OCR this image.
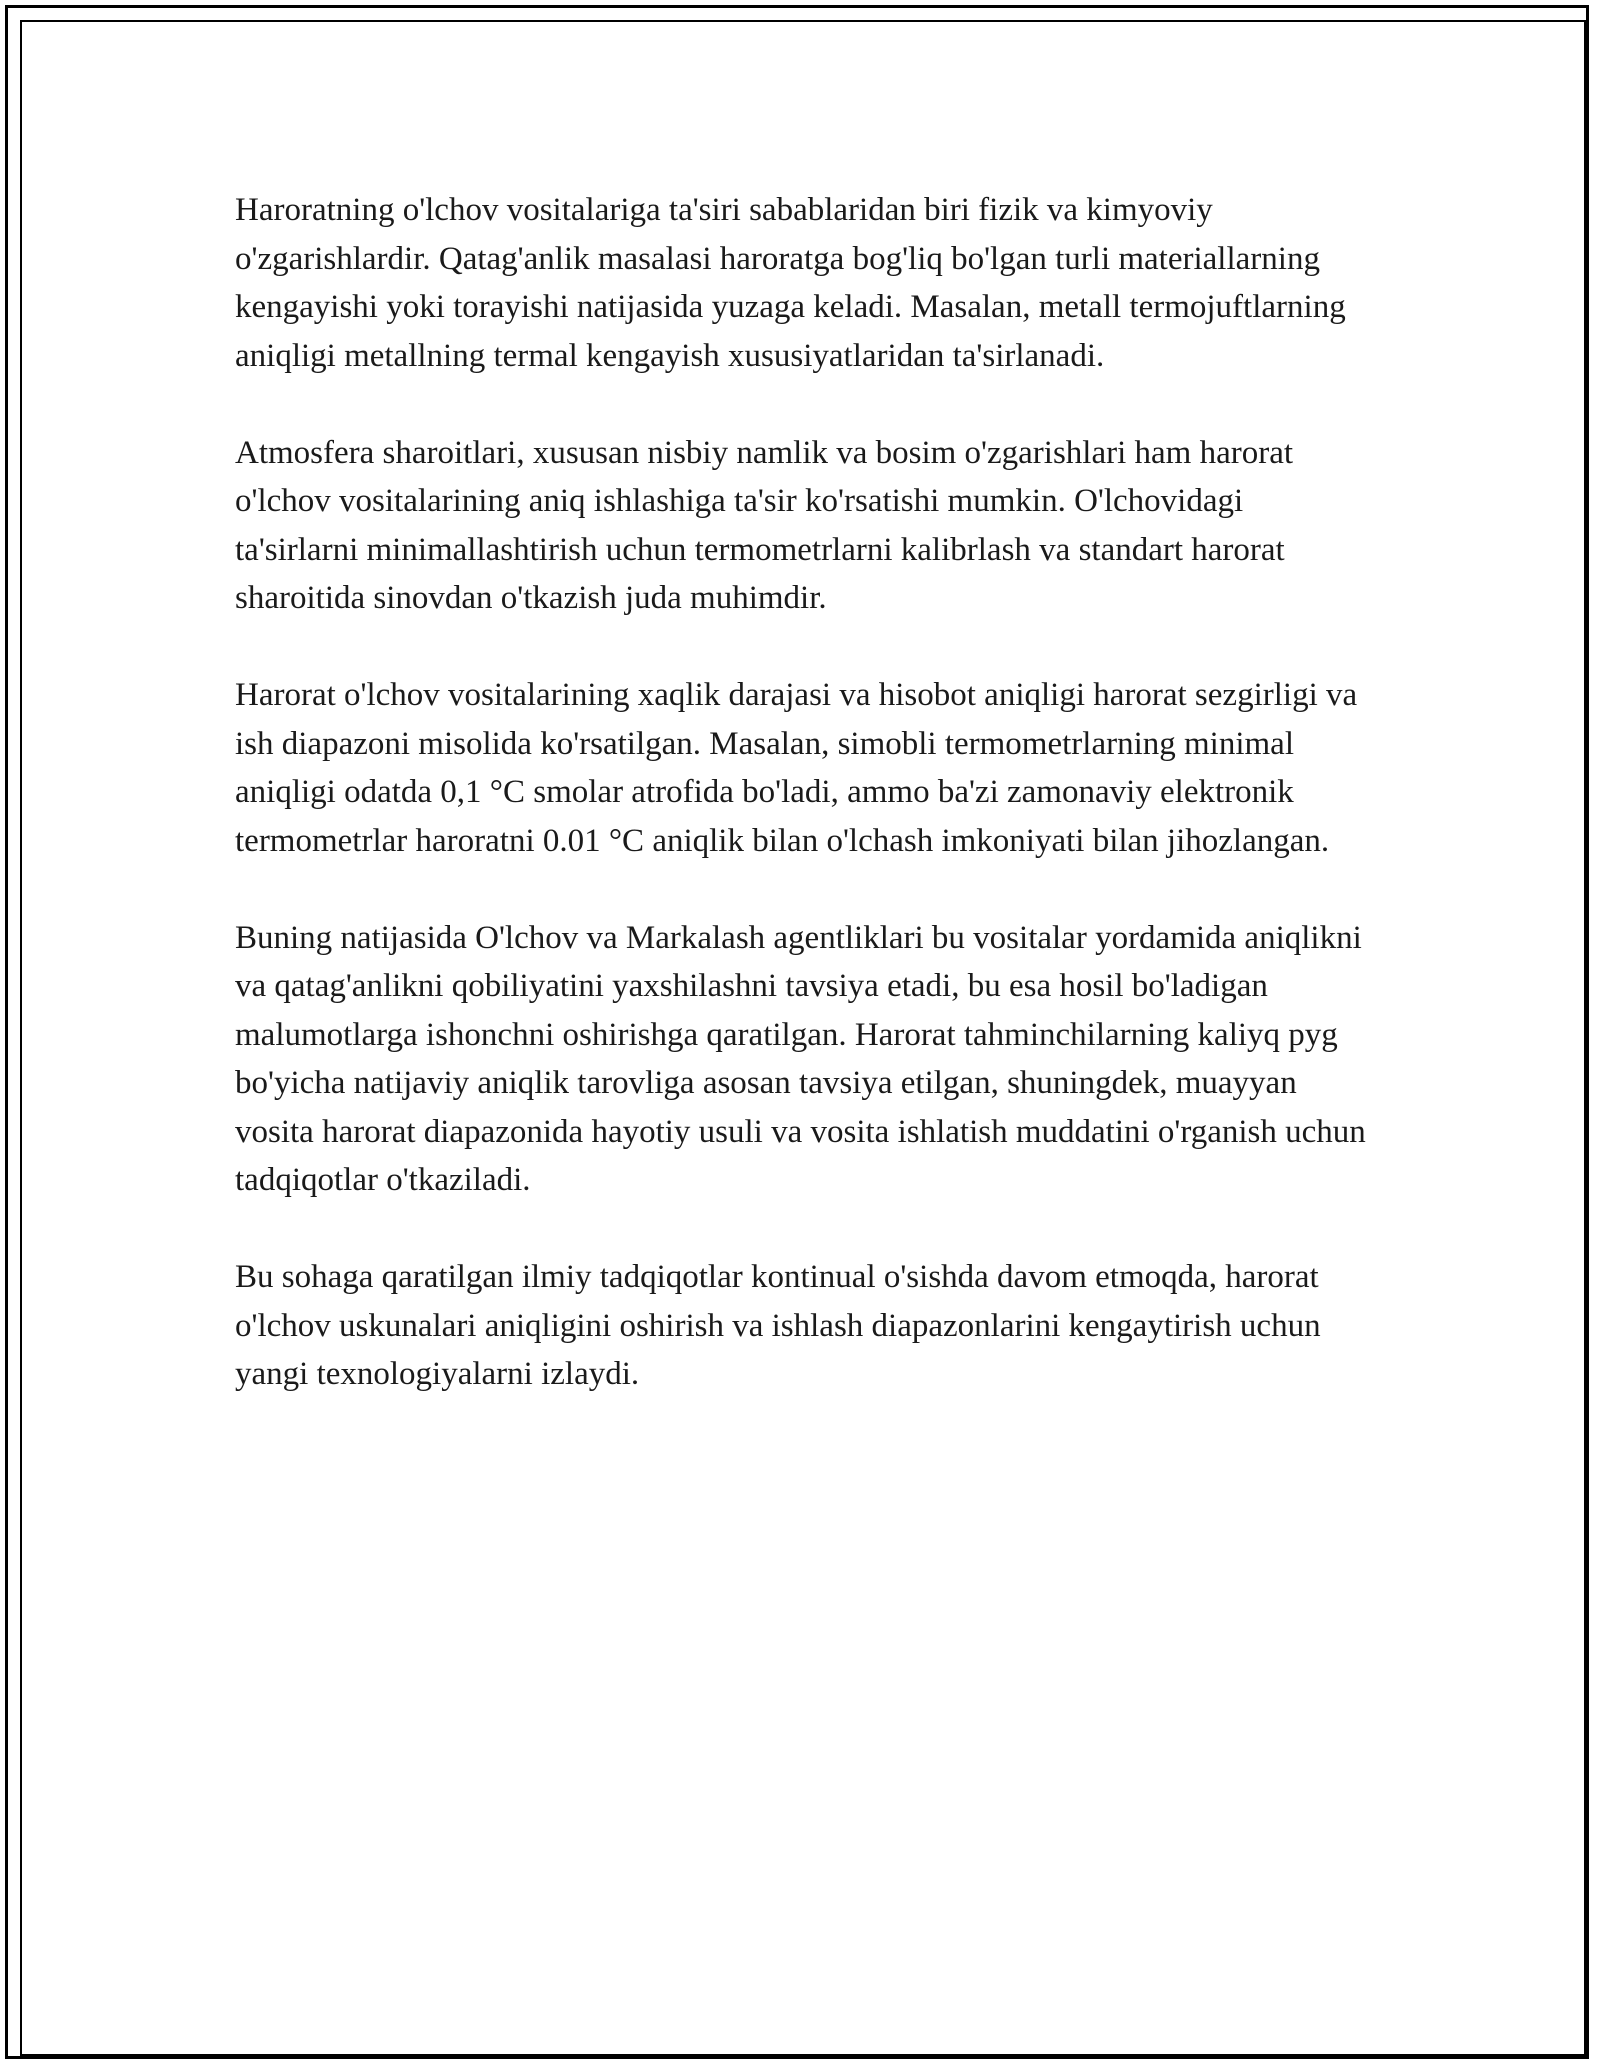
Haroratning o'lchov vositalariga ta'siri sabablaridan biri fizik va kimyoviy o'zgarishlardir. Qatag'anlik masalasi haroratga bog'liq bo'lgan turli materiallarning kengayishi yoki torayishi natijasida yuzaga keladi. Masalan, metall termojuftlarning aniqligi metallning termal kengayish xususiyatlaridan ta'sirlanadi.

Atmosfera sharoitlari, xususan nisbiy namlik va bosim o'zgarishlari ham harorat o'lchov vositalarining aniq ishlashiga ta'sir ko'rsatishi mumkin. O'lchovidagi ta'sirlarni minimallashtirish uchun termometrlarni kalibrlash va standart harorat sharoitida sinovdan o'tkazish juda muhimdir.

Harorat o'lchov vositalarining xaqlik darajasi va hisobot aniqligi harorat sezgirligi va ish diapazoni misolida ko'rsatilgan. Masalan, simobli termometrlarning minimal aniqligi odatda 0,1 °C smolar atrofida bo'ladi, ammo ba'zi zamonaviy elektronik termometrlar haroratni 0.01 °C aniqlik bilan o'lchash imkoniyati bilan jihozlangan.

Buning natijasida O'lchov va Markalash agentliklari bu vositalar yordamida aniqlikni va qatag'anlikni qobiliyatini yaxshilashni tavsiya etadi, bu esa hosil bo'ladigan malumotlarga ishonchni oshirishga qaratilgan. Harorat tahminchilarning kaliyq pyg bo'yicha natijaviy aniqlik tarovliga asosan tavsiya etilgan, shuningdek, muayyan vosita harorat diapazonida hayotiy usuli va vosita ishlatish muddatini o'rganish uchun tadqiqotlar o'tkaziladi.

Bu sohaga qaratilgan ilmiy tadqiqotlar kontinual o'sishda davom etmoqda, harorat o'lchov uskunalari aniqligini oshirish va ishlash diapazonlarini kengaytirish uchun yangi texnologiyalarni izlaydi.
